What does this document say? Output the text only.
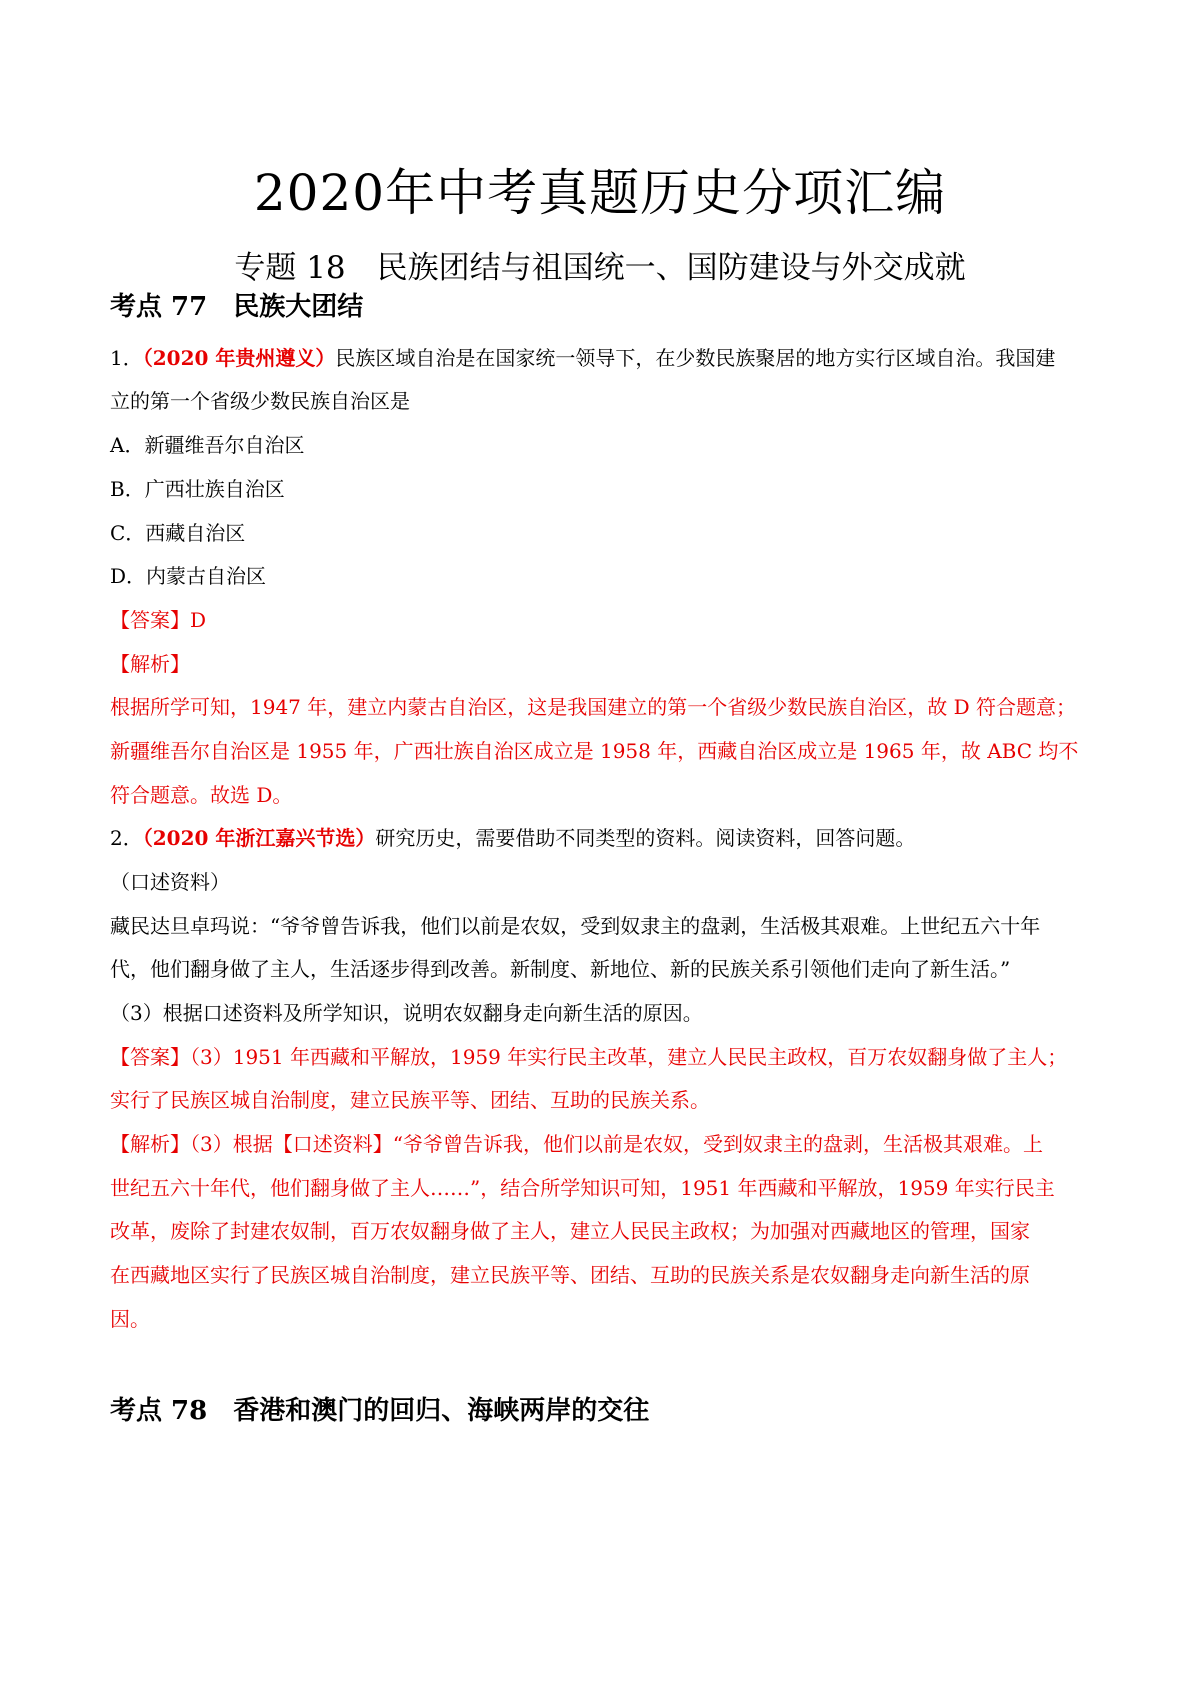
2020年中考真题历史分项汇编
专题 18　民族团结与祖国统一、国防建设与外交成就
考点 77　民族大团结
1．（2020 年贵州遵义）民族区域自治是在国家统一领导下，在少数民族聚居的地方实行区域自治。我国建
立的第一个省级少数民族自治区是
A．新疆维吾尔自治区
B．广西壮族自治区
C．西藏自治区
D．内蒙古自治区
【答案】D
【解析】
根据所学可知，1947 年，建立内蒙古自治区，这是我国建立的第一个省级少数民族自治区，故 D 符合题意；
新疆维吾尔自治区是 1955 年，广西壮族自治区成立是 1958 年，西藏自治区成立是 1965 年，故 ABC 均不
符合题意。故选 D。
2．（2020 年浙江嘉兴节选）研究历史，需要借助不同类型的资料。阅读资料，回答问题。
（口述资料）
藏民达旦卓玛说：“爷爷曾告诉我，他们以前是农奴，受到奴隶主的盘剥，生活极其艰难。上世纪五六十年
代，他们翻身做了主人，生活逐步得到改善。新制度、新地位、新的民族关系引领他们走向了新生活。”
（3）根据口述资料及所学知识，说明农奴翻身走向新生活的原因。
【答案】（3）1951 年西藏和平解放，1959 年实行民主改革，建立人民民主政权，百万农奴翻身做了主人；
实行了民族区城自治制度，建立民族平等、团结、互助的民族关系。
【解析】（3）根据【口述资料】“爷爷曾告诉我，他们以前是农奴，受到奴隶主的盘剥，生活极其艰难。上
世纪五六十年代，他们翻身做了主人……”，结合所学知识可知，1951 年西藏和平解放，1959 年实行民主
改革，废除了封建农奴制，百万农奴翻身做了主人，建立人民民主政权；为加强对西藏地区的管理，国家
在西藏地区实行了民族区城自治制度，建立民族平等、团结、互助的民族关系是农奴翻身走向新生活的原
因。
考点 78　香港和澳门的回归、海峡两岸的交往
